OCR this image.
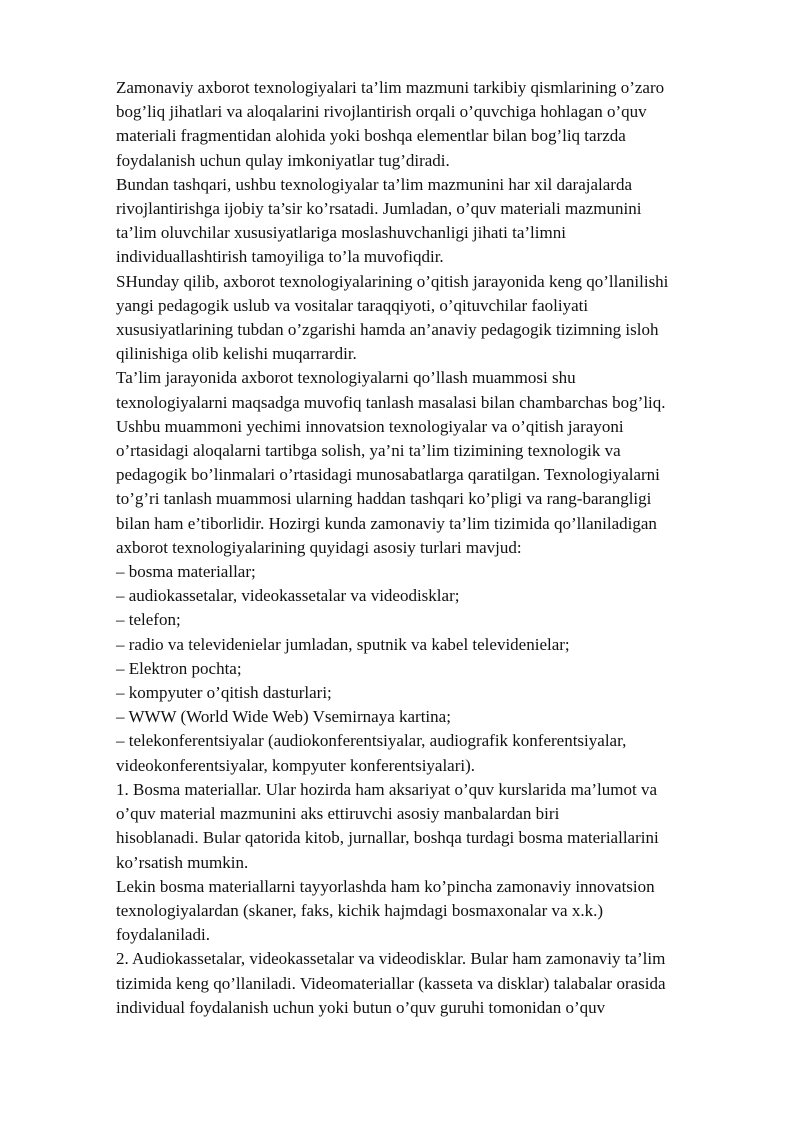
Zamonaviy axborot texnologiyalari ta’lim mazmuni tarkibiy qismlarining o’zaro
bog’liq jihatlari va aloqalarini rivojlantirish orqali o’quvchiga hohlagan o’quv
materiali fragmentidan alohida yoki boshqa elementlar bilan bog’liq tarzda
foydalanish uchun qulay imkoniyatlar tug’diradi.
Bundan tashqari, ushbu texnologiyalar ta’lim mazmunini har xil darajalarda
rivojlantirishga ijobiy ta’sir ko’rsatadi. Jumladan, o’quv materiali mazmunini
ta’lim oluvchilar xususiyatlariga moslashuvchanligi jihati ta’limni
individuallashtirish tamoyiliga to’la muvofiqdir.
SHunday qilib, axborot texnologiyalarining o’qitish jarayonida keng qo’llanilishi
yangi pedagogik uslub va vositalar taraqqiyoti, o’qituvchilar faoliyati
xususiyatlarining tubdan o’zgarishi hamda an’anaviy pedagogik tizimning isloh
qilinishiga olib kelishi muqarrardir.
Ta’lim jarayonida axborot texnologiyalarni qo’llash muammosi shu
texnologiyalarni maqsadga muvofiq tanlash masalasi bilan chambarchas bog’liq.
Ushbu muammoni yechimi innovatsion texnologiyalar va o’qitish jarayoni
o’rtasidagi aloqalarni tartibga solish, ya’ni ta’lim tizimining texnologik va
pedagogik bo’linmalari o’rtasidagi munosabatlarga qaratilgan. Texnologiyalarni
to’g’ri tanlash muammosi ularning haddan tashqari ko’pligi va rang-barangligi
bilan ham e’tiborlidir. Hozirgi kunda zamonaviy ta’lim tizimida qo’llaniladigan
axborot texnologiyalarining quyidagi asosiy turlari mavjud:
– bosma materiallar;
– audiokassetalar, videokassetalar va videodisklar;
– telefon;
– radio va televidenielar jumladan, sputnik va kabel televidenielar;
– Elektron pochta;
– kompyuter o’qitish dasturlari;
– WWW (World Wide Web) Vsemirnaya kartina;
– telekonferentsiyalar (audiokonferentsiyalar, audiografik konferentsiyalar,
videokonferentsiyalar, kompyuter konferentsiyalari).
1. Bosma materiallar. Ular hozirda ham aksariyat o’quv kurslarida ma’lumot va
o’quv material mazmunini aks ettiruvchi asosiy manbalardan biri
hisoblanadi. Bular qatorida kitob, jurnallar, boshqa turdagi bosma materiallarini
ko’rsatish mumkin.
Lekin bosma materiallarni tayyorlashda ham ko’pincha zamonaviy innovatsion
texnologiyalardan (skaner, faks, kichik hajmdagi bosmaxonalar va x.k.)
foydalaniladi.
2. Audiokassetalar, videokassetalar va videodisklar. Bular ham zamonaviy ta’lim
tizimida keng qo’llaniladi. Videomateriallar (kasseta va disklar) talabalar orasida
individual foydalanish uchun yoki butun o’quv guruhi tomonidan o’quv
